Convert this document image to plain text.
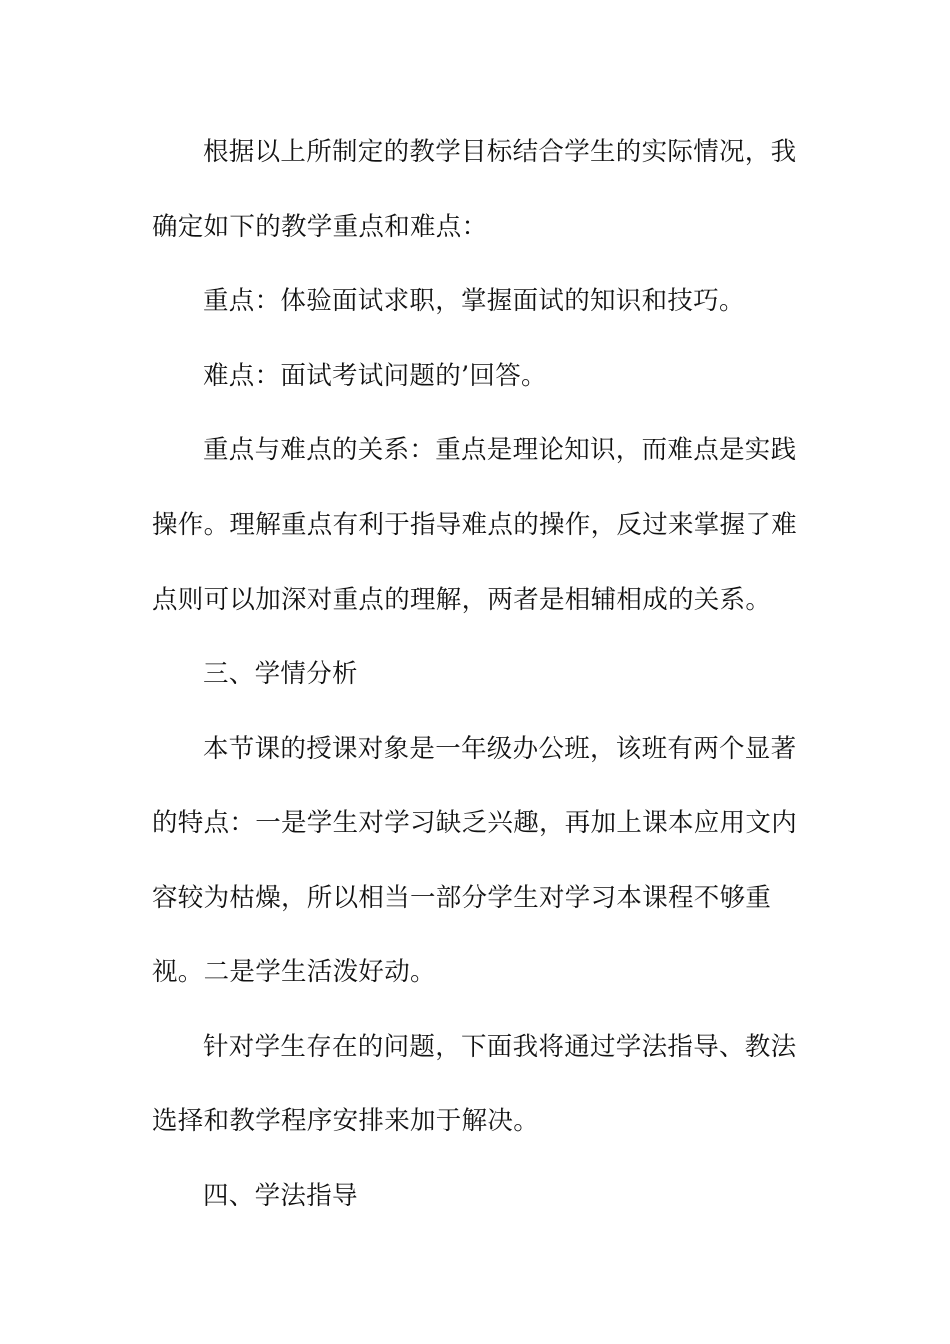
根据以上所制定的教学目标结合学生的实际情况，我
确定如下的教学重点和难点：
重点：体验面试求职，掌握面试的知识和技巧。
难点：面试考试问题的’回答。
重点与难点的关系：重点是理论知识，而难点是实践
操作。理解重点有利于指导难点的操作，反过来掌握了难
点则可以加深对重点的理解，两者是相辅相成的关系。
三、学情分析
本节课的授课对象是一年级办公班，该班有两个显著
的特点：一是学生对学习缺乏兴趣，再加上课本应用文内
容较为枯燥，所以相当一部分学生对学习本课程不够重
视。二是学生活泼好动。
针对学生存在的问题，下面我将通过学法指导、教法
选择和教学程序安排来加于解决。
四、学法指导
